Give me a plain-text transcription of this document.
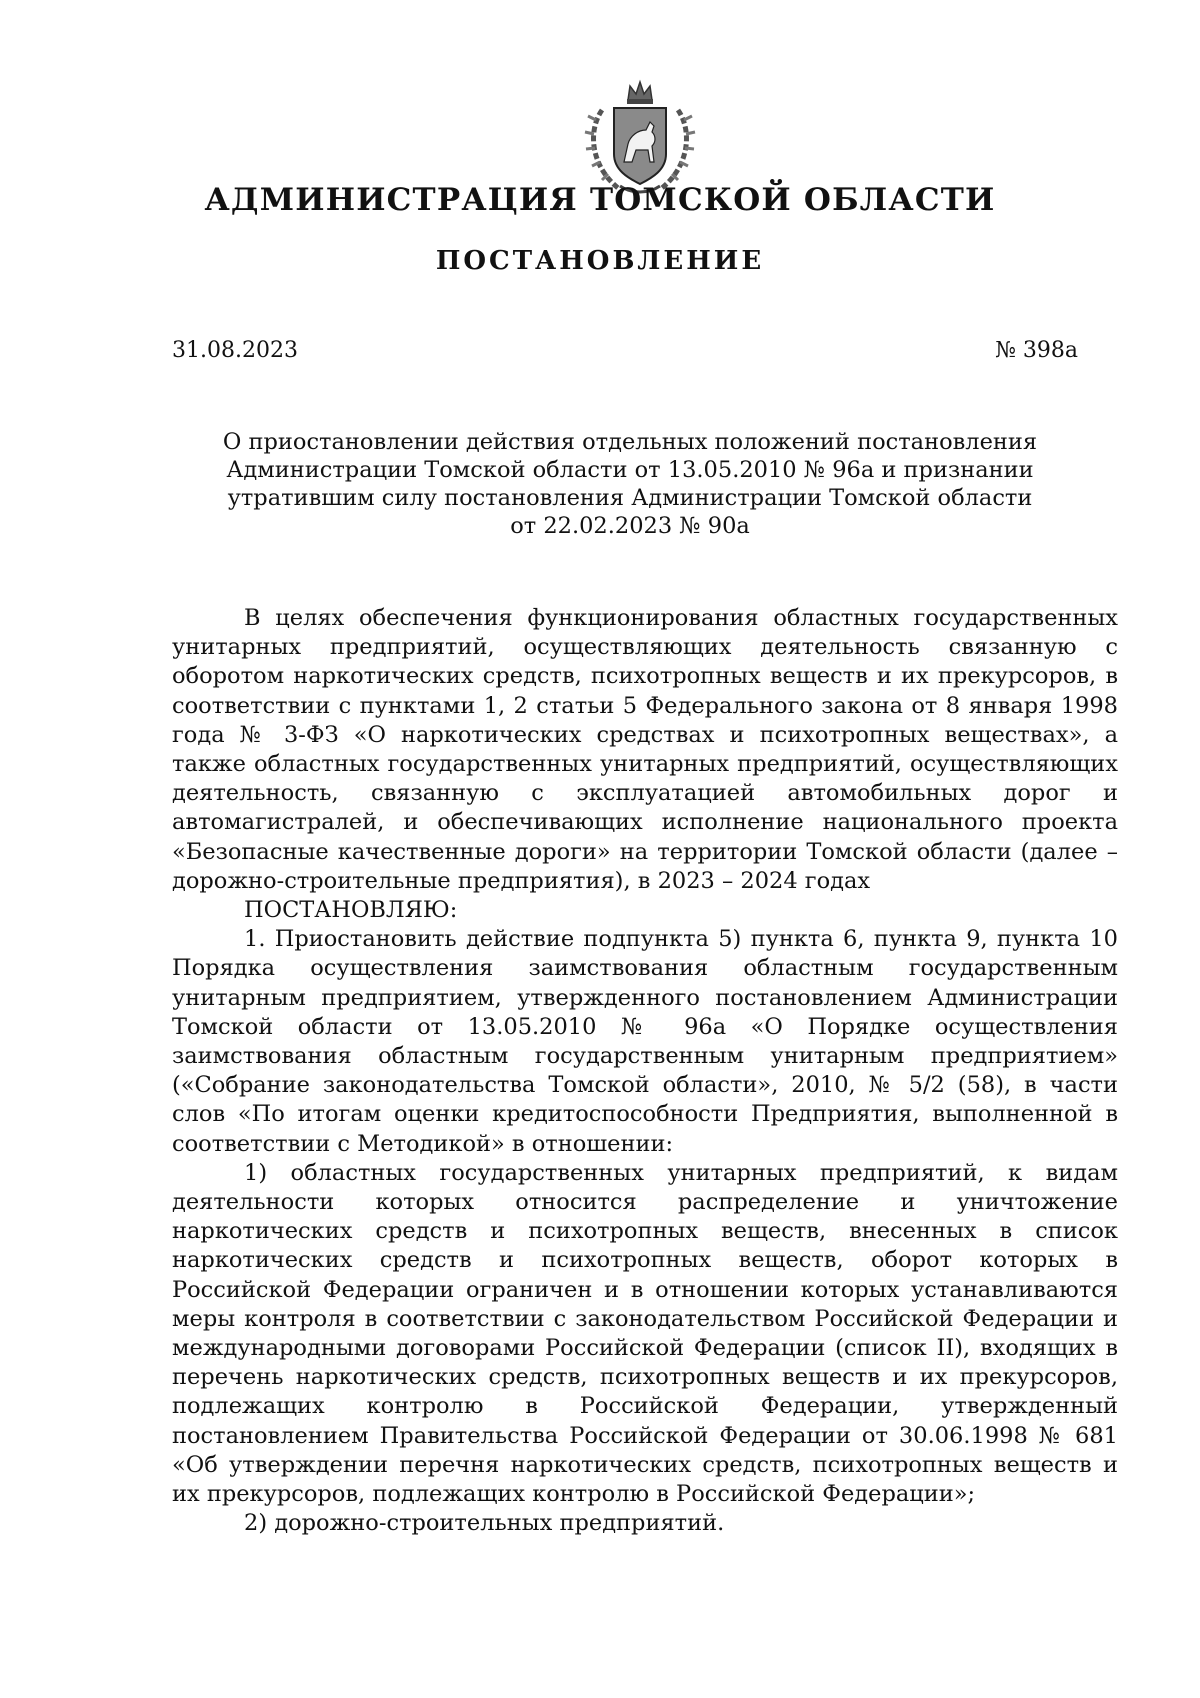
АДМИНИСТРАЦИЯ ТОМСКОЙ ОБЛАСТИ
ПОСТАНОВЛЕНИЕ
31.08.2023	№ 398а
О приостановлении действия отдельных положений постановления
Администрации Томской области от 13.05.2010 № 96а и признании
утратившим силу постановления Администрации Томской области
от 22.02.2023 № 90а

В целях обеспечения функционирования областных государственных унитарных предприятий, осуществляющих деятельность связанную с оборотом наркотических средств, психотропных веществ и их прекурсоров, в соответствии с пунктами 1, 2 статьи 5 Федерального закона от 8 января 1998 года № 3-ФЗ «О наркотических средствах и психотропных веществах», а также областных государственных унитарных предприятий, осуществляющих деятельность, связанную с эксплуатацией автомобильных дорог и автомагистралей, и обеспечивающих исполнение национального проекта «Безопасные качественные дороги» на территории Томской области (далее – дорожно-строительные предприятия), в 2023 – 2024 годах

ПОСТАНОВЛЯЮ:

1. Приостановить действие подпункта 5) пункта 6, пункта 9, пункта 10 Порядка осуществления заимствования областным государственным унитарным предприятием, утвержденного постановлением Администрации Томской области от 13.05.2010 № 96а «О Порядке осуществления заимствования областным государственным унитарным предприятием» («Собрание законодательства Томской области», 2010, № 5/2 (58), в части слов «По итогам оценки кредитоспособности Предприятия, выполненной в соответствии с Методикой» в отношении:

1) областных государственных унитарных предприятий, к видам деятельности которых относится распределение и уничтожение наркотических средств и психотропных веществ, внесенных в список наркотических средств и психотропных веществ, оборот которых в Российской Федерации ограничен и в отношении которых устанавливаются меры контроля в соответствии с законодательством Российской Федерации и международными договорами Российской Федерации (список II), входящих в перечень наркотических средств, психотропных веществ и их прекурсоров, подлежащих контролю в Российской Федерации, утвержденный постановлением Правительства Российской Федерации от 30.06.1998 № 681 «Об утверждении перечня наркотических средств, психотропных веществ и их прекурсоров, подлежащих контролю в Российской Федерации»;

2) дорожно-строительных предприятий.
